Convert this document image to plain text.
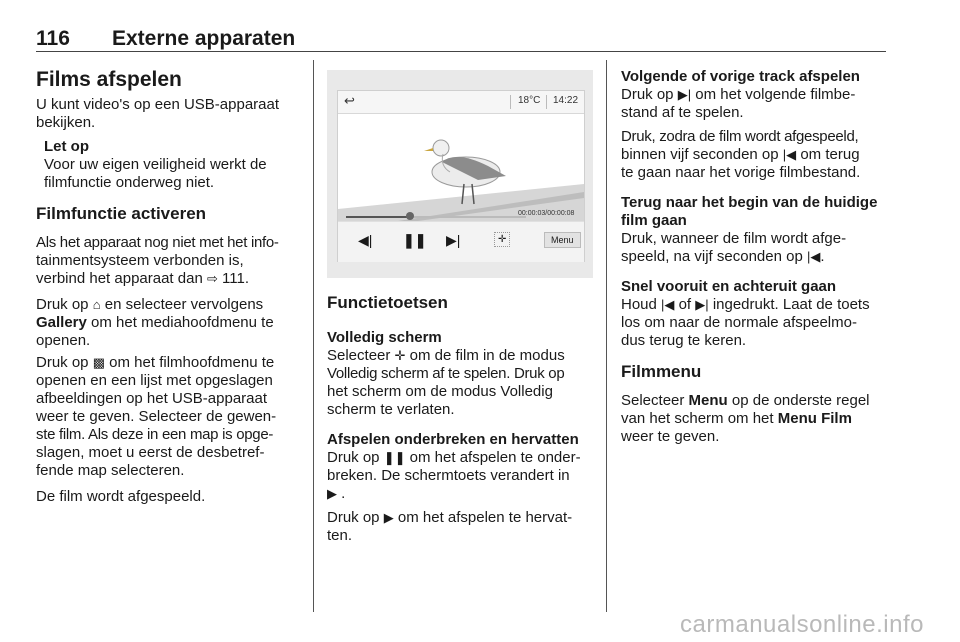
116 Externe apparaten

Films afspelen

U kunt video's op een USB-apparaat

bekijken.

Let op

Voor uw eigen veiligheid werkt de

filmfunctie onderweg niet.

Filmfunctie activeren

Als het apparaat nog niet met het info-

tainmentsysteem verbonden is,

verbind het apparaat dan ⇨ 111.

Druk op ⌂ en selecteer vervolgens

Gallery om het mediahoofdmenu te

openen.

Druk op ▩ om het filmhoofdmenu te

openen en een lijst met opgeslagen

afbeeldingen op het USB-apparaat

weer te geven. Selecteer de gewen-

ste film. Als deze in een map is opge-

slagen, moet u eerst de desbetref-

fende map selecteren.

De film wordt afgespeeld.

↩	18°C 14:22
00:00:03/00:00:08
◀​| ❚❚ ▶|	✛	Menu

Functietoetsen

Volledig scherm

Selecteer ✛ om de film in de modus

Volledig scherm af te spelen. Druk op

het scherm om de modus Volledig

scherm te verlaten.

Afspelen onderbreken en hervatten

Druk op ❚❚ om het afspelen te onder-

breken. De schermtoets verandert in

▶ .

Druk op ▶ om het afspelen te hervat-

ten.

Volgende of vorige track afspelen

Druk op ▶| om het volgende filmbe-

stand af te spelen.

Druk, zodra de film wordt afgespeeld,

binnen vijf seconden op |◀ om terug

te gaan naar het vorige filmbestand.

Terug naar het begin van de huidige

film gaan

Druk, wanneer de film wordt afge-

speeld, na vijf seconden op |◀.

Snel vooruit en achteruit gaan

Houd |◀ of ▶| ingedrukt. Laat de toets

los om naar de normale afspeelmo-

dus terug te keren.

Filmmenu

Selecteer Menu op de onderste regel

van het scherm om het Menu Film

weer te geven.

carmanualsonline.info
